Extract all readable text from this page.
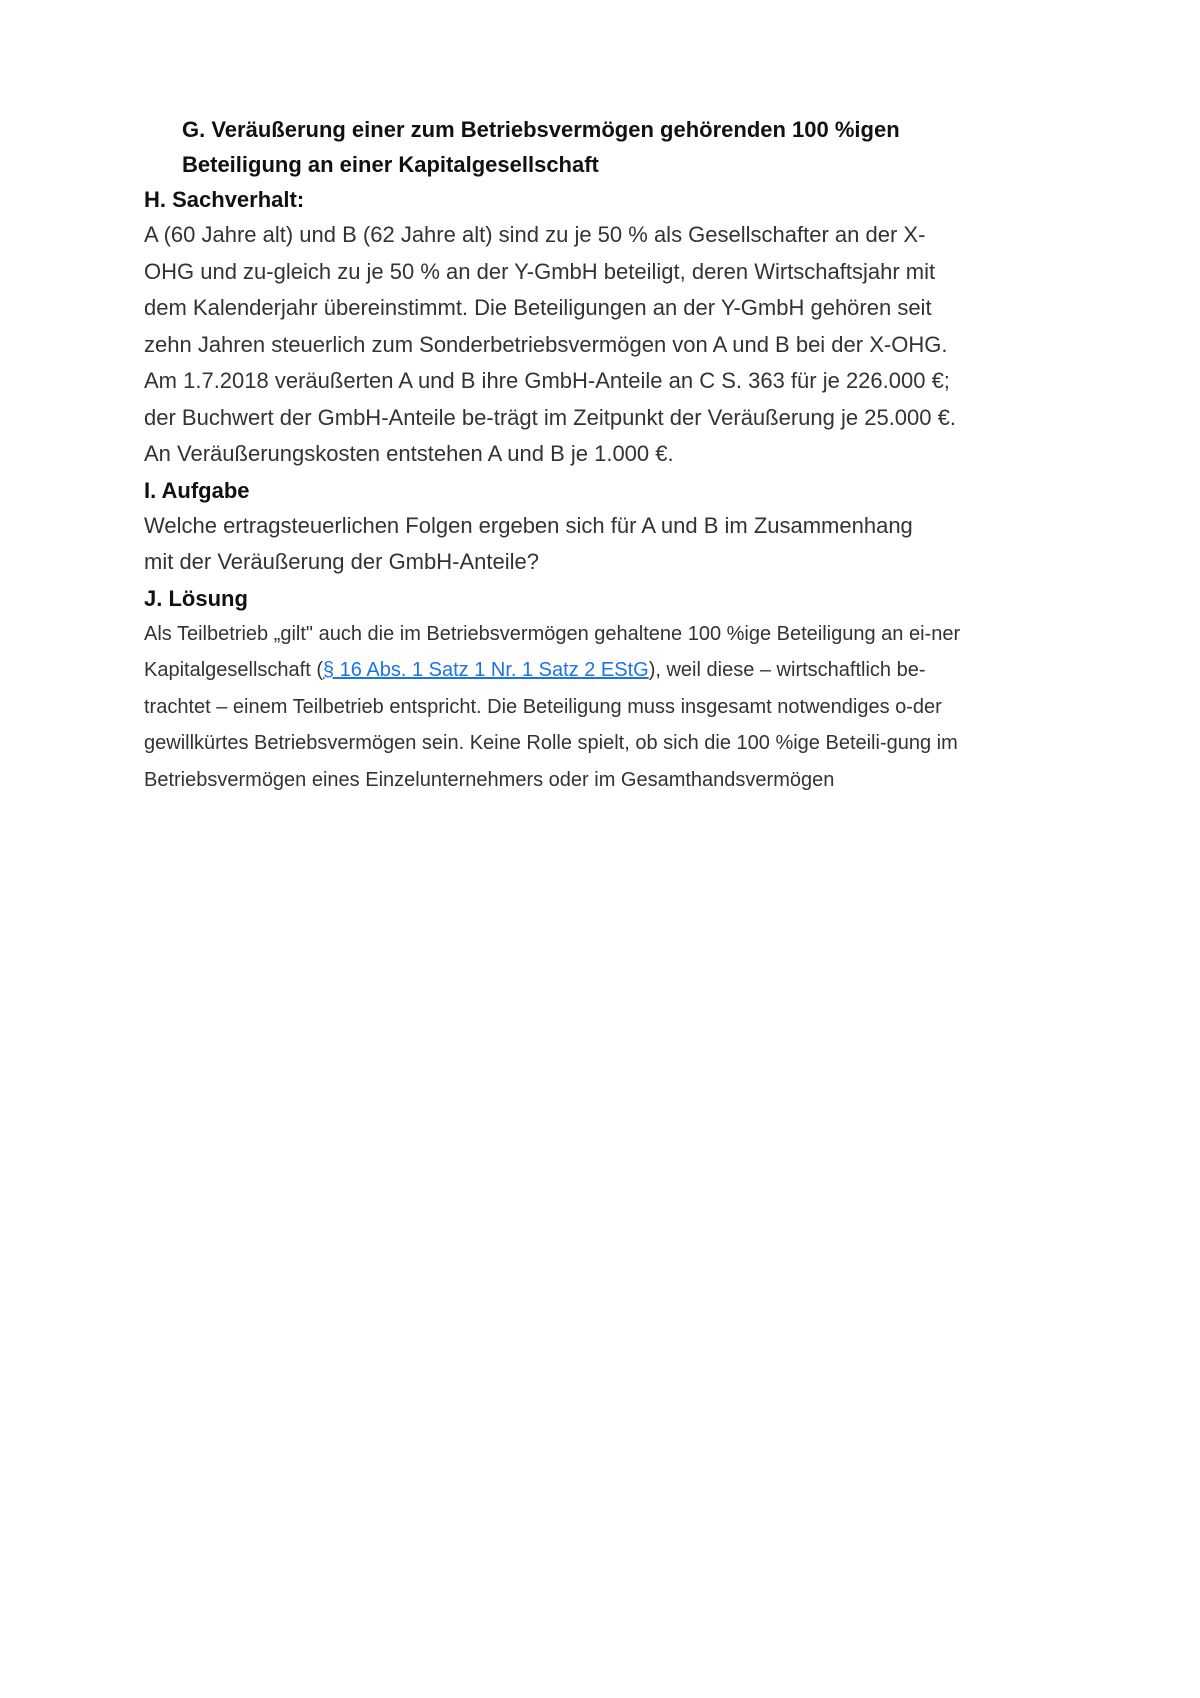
G. Veräußerung einer zum Betriebsvermögen gehörenden 100 %igen

Beteiligung an einer Kapitalgesellschaft

H. Sachverhalt:

A (60 Jahre alt) und B (62 Jahre alt) sind zu je 50 % als Gesellschafter an der X-

OHG und zu-gleich zu je 50 % an der Y-GmbH beteiligt, deren Wirtschaftsjahr mit

dem Kalenderjahr übereinstimmt. Die Beteiligungen an der Y-GmbH gehören seit

zehn Jahren steuerlich zum Sonderbetriebsvermögen von A und B bei der X-OHG.

Am 1.7.2018 veräußerten A und B ihre GmbH-Anteile an C S. 363 für je 226.000 €;

der Buchwert der GmbH-Anteile be-trägt im Zeitpunkt der Veräußerung je 25.000 €.

An Veräußerungskosten entstehen A und B je 1.000 €.

I. Aufgabe

Welche ertragsteuerlichen Folgen ergeben sich für A und B im Zusammenhang

mit der Veräußerung der GmbH-Anteile?

J. Lösung

Als Teilbetrieb „gilt" auch die im Betriebsvermögen gehaltene 100 %ige Beteiligung an ei-ner

Kapitalgesellschaft (§ 16 Abs. 1 Satz 1 Nr. 1 Satz 2 EStG), weil diese – wirtschaftlich be-

trachtet – einem Teilbetrieb entspricht. Die Beteiligung muss insgesamt notwendiges o-der

gewillkürtes Betriebsvermögen sein. Keine Rolle spielt, ob sich die 100 %ige Beteili-gung im

Betriebsvermögen eines Einzelunternehmers oder im Gesamthandsvermögen
